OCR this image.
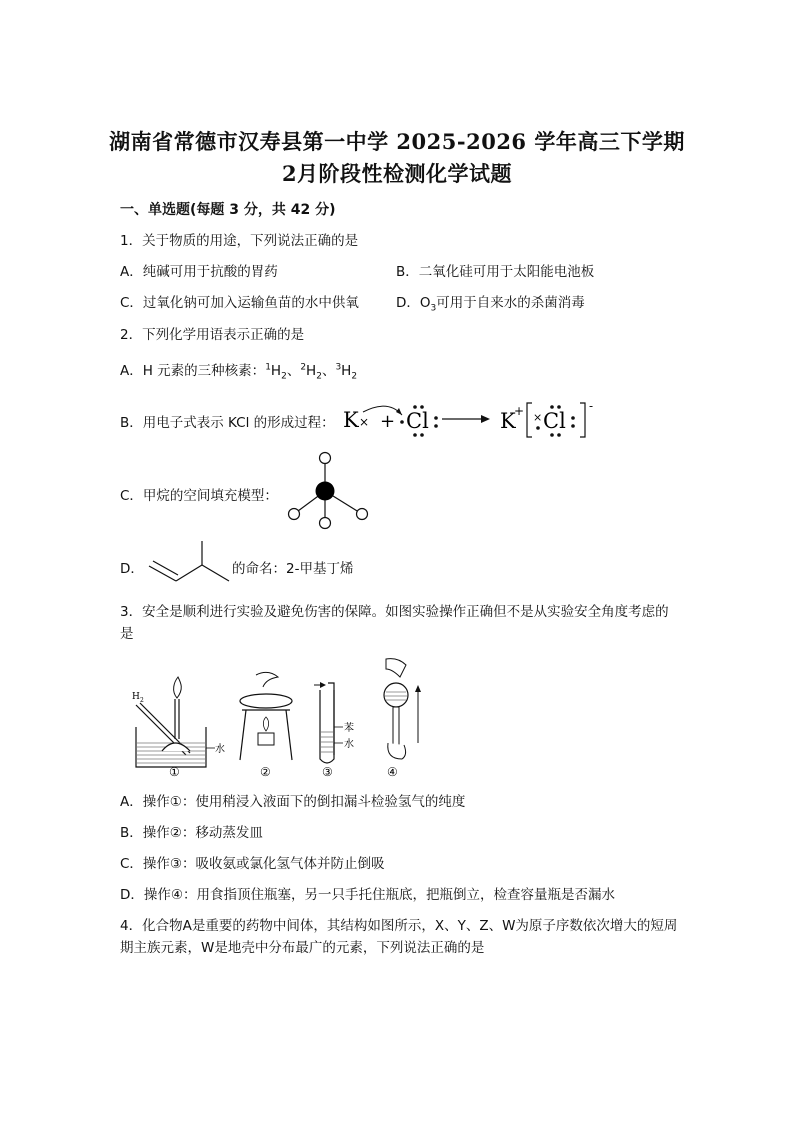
湖南省常德市汉寿县第一中学 2025-2026 学年高三下学期
2月阶段性检测化学试题
一、单选题(每题 3 分，共 42 分)
1．关于物质的用途，下列说法正确的是
A．纯碱可用于抗酸的胃药	B．二氧化硅可用于太阳能电池板
C．过氧化钠可加入运输鱼苗的水中供氧	D．$O_3$可用于自来水的杀菌消毒
2．下列化学用语表示正确的是
A．H 元素的三种核素：$^1H_2$、$^2H_2$、$^3H_2$
B．用电子式表示 KCl 的形成过程： K × + Cl	K
+ × Cl
-
C．甲烷的空间填充模型：
D．	的命名：2-甲基丁烯
3．安全是顺利进行实验及避免伤害的保障。如图实验操作正确但不是从实验安全角度考虑的是
H 2
水
①	②
苯
水
③	④
A．操作①：使用稍浸入液面下的倒扣漏斗检验氢气的纯度
B．操作②：移动蒸发皿
C．操作③：吸收氨或氯化氢气体并防止倒吸
D．操作④：用食指顶住瓶塞，另一只手托住瓶底，把瓶倒立，检查容量瓶是否漏水
4．化合物A是重要的药物中间体，其结构如图所示，X、Y、Z、W为原子序数依次增大的短周期主族元素，W是地壳中分布最广的元素，下列说法正确的是
